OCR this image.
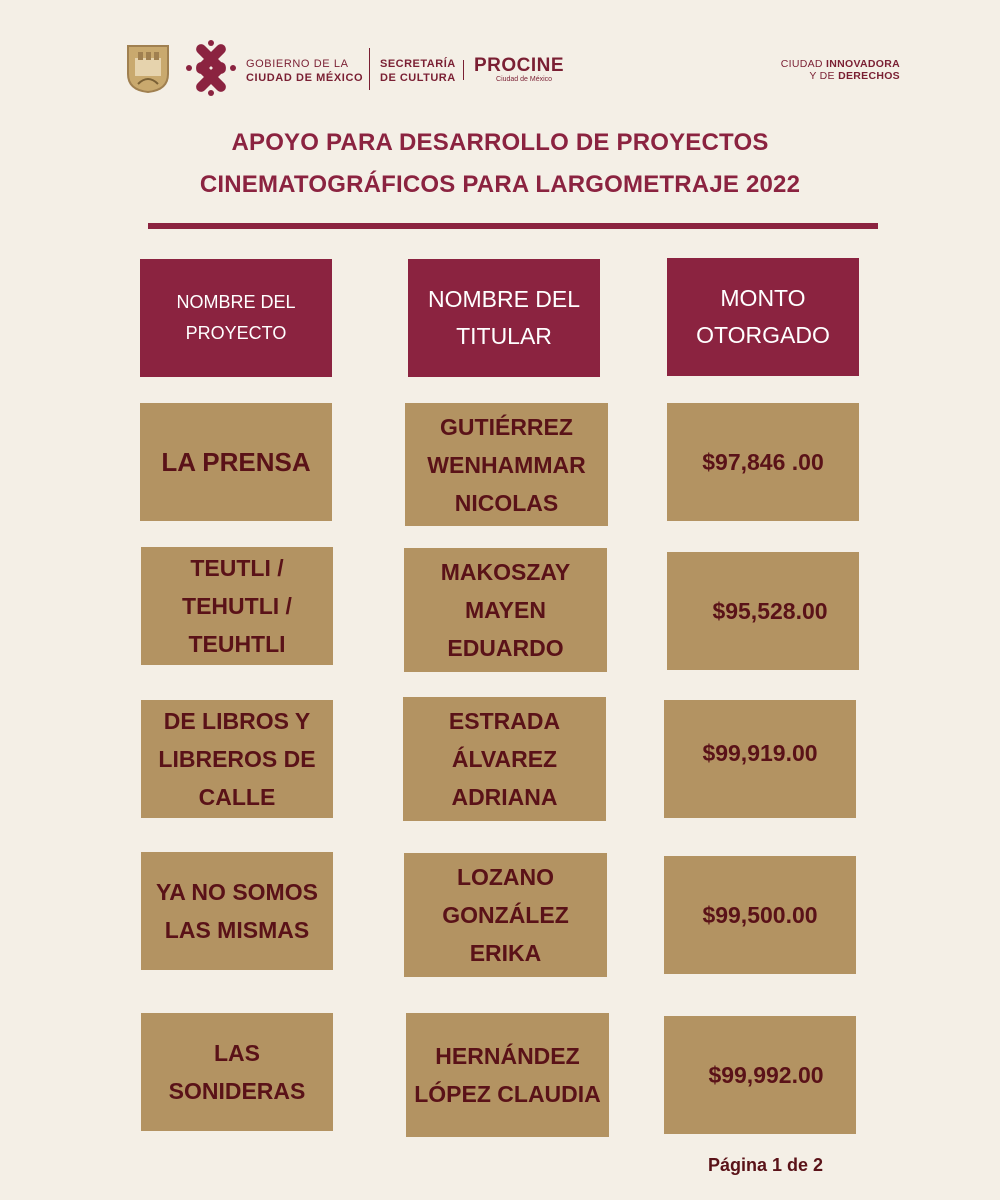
GOBIERNO DE LA
CIUDAD DE MÉXICO
SECRETARÍA
DE CULTURA
PROCINE
Ciudad de México
CIUDAD INNOVADORA
Y DE DERECHOS
APOYO PARA DESARROLLO DE PROYECTOS
CINEMATOGRÁFICOS PARA LARGOMETRAJE 2022
NOMBRE DEL
PROYECTO
NOMBRE DEL
TITULAR
MONTO
OTORGADO
LA PRENSA
GUTIÉRREZ
WENHAMMAR
NICOLAS
$97,846 .00
TEUTLI /
TEHUTLI /
TEUHTLI
MAKOSZAY
MAYEN
EDUARDO
$95,528.00
DE LIBROS Y
LIBREROS DE
CALLE
ESTRADA
ÁLVAREZ
ADRIANA
$99,919.00
YA NO SOMOS
LAS MISMAS
LOZANO
GONZÁLEZ
ERIKA
$99,500.00
LAS SONIDERAS
HERNÁNDEZ
LÓPEZ CLAUDIA
$99,992.00
Página 1 de 2
